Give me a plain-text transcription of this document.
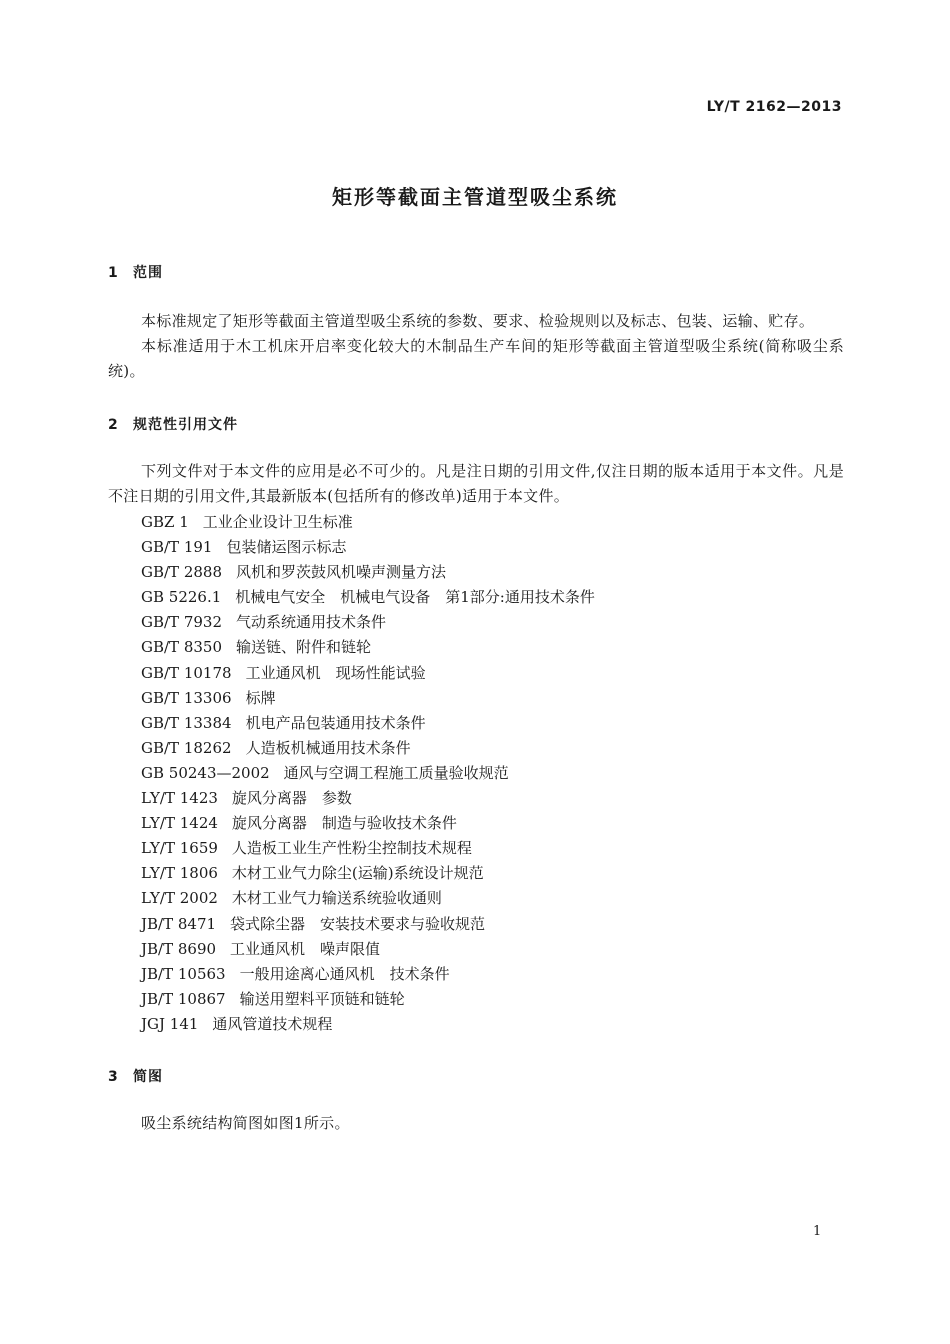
LY/T 2162—2013

矩形等截面主管道型吸尘系统
1 范围

本标准规定了矩形等截面主管道型吸尘系统的参数、要求、检验规则以及标志、包装、运输、贮存。

本标准适用于木工机床开启率变化较大的木制品生产车间的矩形等截面主管道型吸尘系统(简称吸尘系统)。

2 规范性引用文件

下列文件对于本文件的应用是必不可少的。凡是注日期的引用文件,仅注日期的版本适用于本文件。凡是不注日期的引用文件,其最新版本(包括所有的修改单)适用于本文件。

GBZ 1 工业企业设计卫生标准
GB/T 191 包装储运图示标志
GB/T 2888 风机和罗茨鼓风机噪声测量方法
GB 5226.1 机械电气安全　机械电气设备　第1部分:通用技术条件
GB/T 7932 气动系统通用技术条件
GB/T 8350 输送链、附件和链轮
GB/T 10178 工业通风机　现场性能试验
GB/T 13306 标牌
GB/T 13384 机电产品包装通用技术条件
GB/T 18262 人造板机械通用技术条件
GB 50243—2002 通风与空调工程施工质量验收规范
LY/T 1423 旋风分离器　参数
LY/T 1424 旋风分离器　制造与验收技术条件
LY/T 1659 人造板工业生产性粉尘控制技术规程
LY/T 1806 木材工业气力除尘(运输)系统设计规范
LY/T 2002 木材工业气力输送系统验收通则
JB/T 8471 袋式除尘器　安装技术要求与验收规范
JB/T 8690 工业通风机　噪声限值
JB/T 10563 一般用途离心通风机　技术条件
JB/T 10867 输送用塑料平顶链和链轮
JGJ 141 通风管道技术规程
3 简图

吸尘系统结构简图如图1所示。

1
